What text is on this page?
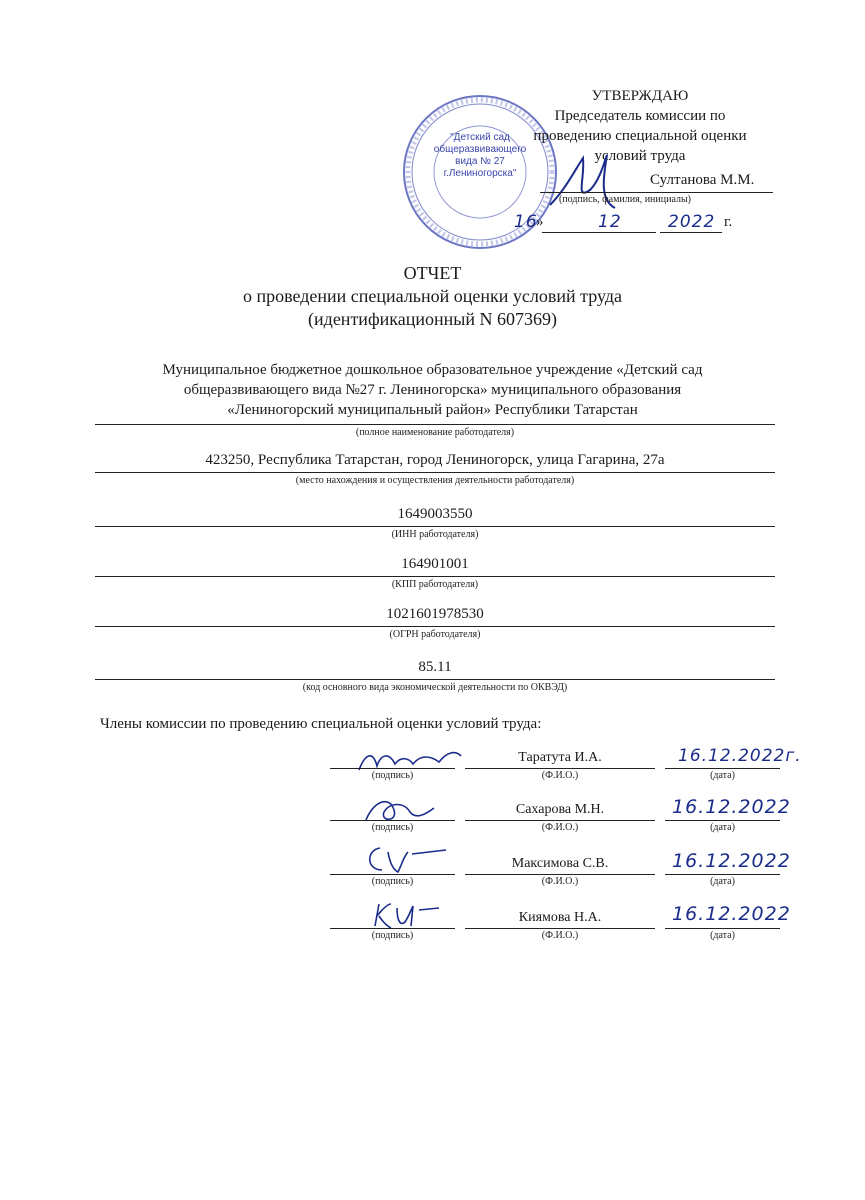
"Детский сад
общеразвивающего
вида № 27
г.Лениногорска"
УТВЕРЖДАЮ
Председатель комиссии по
проведению специальной оценки
условий труда
Султанова М.М.
(подпись, фамилия, инициалы)
16
»	12	2022 г.
ОТЧЕТ
о проведении специальной оценки условий труда
(идентификационный N 607369)
Муниципальное бюджетное дошкольное образовательное учреждение «Детский сад
общеразвивающего вида №27 г. Лениногорска» муниципального образования
«Лениногорский муниципальный район» Республики Татарстан
(полное наименование работодателя)
423250, Республика Татарстан, город Лениногорск, улица Гагарина, 27а
(место нахождения и осуществления деятельности работодателя)
1649003550
(ИНН работодателя)
164901001
(КПП работодателя)
1021601978530
(ОГРН работодателя)
85.11
(код основного вида экономической деятельности по ОКВЭД)
Члены комиссии по проведению специальной оценки условий труда:
(подпись)
Таратута И.А.
(Ф.И.О.)
16.12.2022г.
(дата)
(подпись)
Сахарова М.Н.
(Ф.И.О.)
16.12.2022
(дата)
(подпись)
Максимова С.В.
(Ф.И.О.)
16.12.2022
(дата)
(подпись)
Киямова Н.А.
(Ф.И.О.)
16.12.2022
(дата)
